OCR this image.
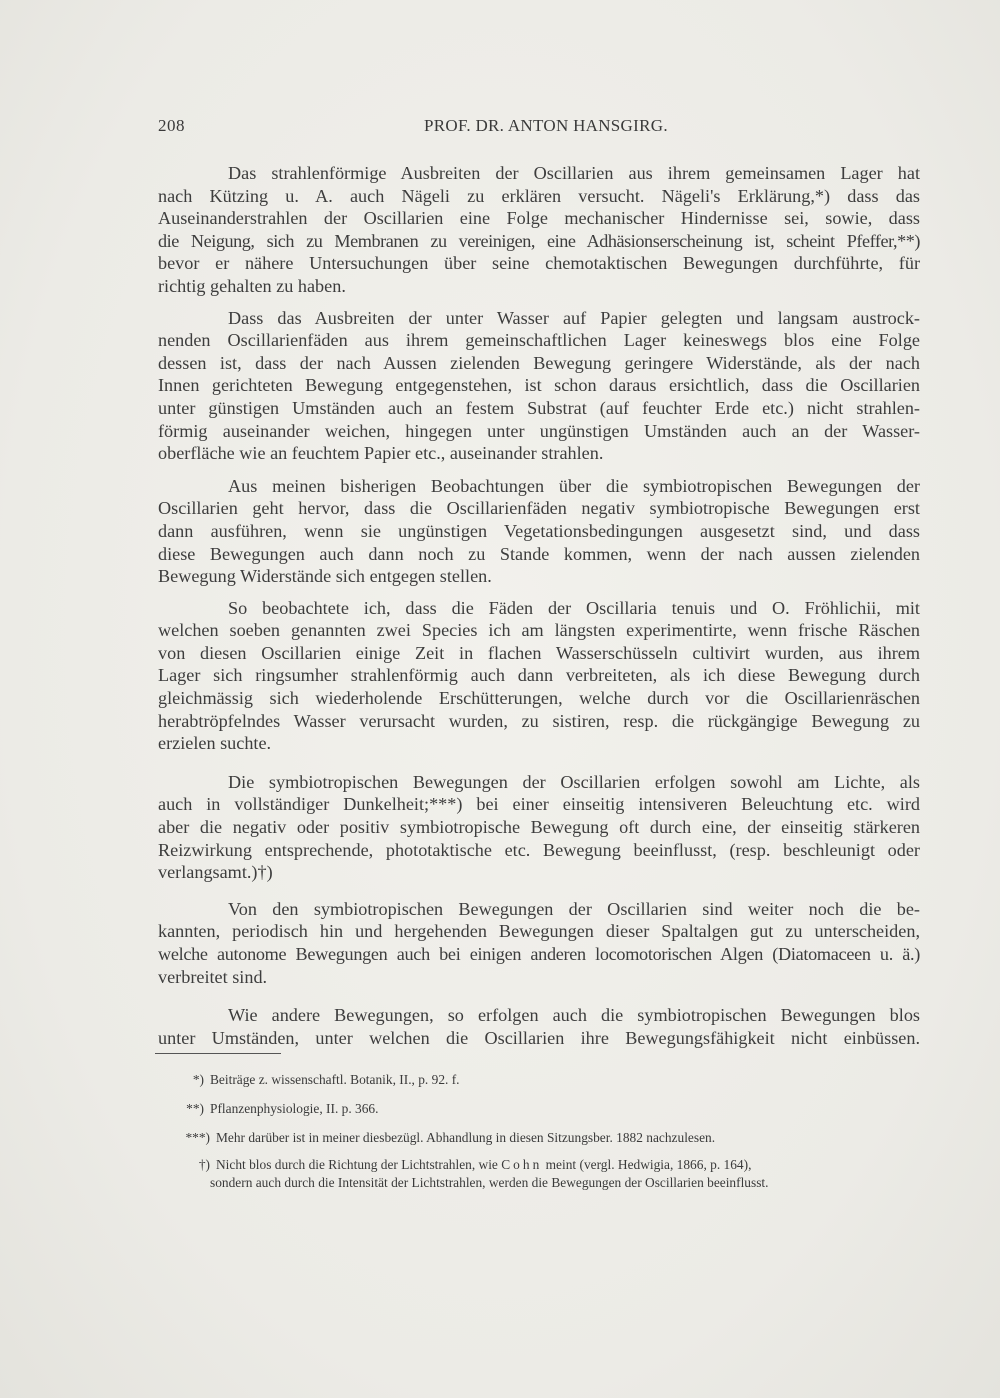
208	PROF. DR. ANTON HANSGIRG.

Das strahlenförmige Ausbreiten der Oscillarien aus ihrem gemeinsamen Lager hat
nach Kützing u. A. auch Nägeli zu erklären versucht. Nägeli's Erklärung,*) dass das
Auseinanderstrahlen der Oscillarien eine Folge mechanischer Hindernisse sei, sowie, dass
die Neigung, sich zu Membranen zu vereinigen, eine Adhäsionserscheinung ist, scheint Pfeffer,**)
bevor er nähere Untersuchungen über seine chemotaktischen Bewegungen durchführte, für
richtig gehalten zu haben.

Dass das Ausbreiten der unter Wasser auf Papier gelegten und langsam austrock-
nenden Oscillarienfäden aus ihrem gemeinschaftlichen Lager keineswegs blos eine Folge
dessen ist, dass der nach Aussen zielenden Bewegung geringere Widerstände, als der nach
Innen gerichteten Bewegung entgegenstehen, ist schon daraus ersichtlich, dass die Oscillarien
unter günstigen Umständen auch an festem Substrat (auf feuchter Erde etc.) nicht strahlen-
förmig auseinander weichen, hingegen unter ungünstigen Umständen auch an der Wasser-
oberfläche wie an feuchtem Papier etc., auseinander strahlen.

Aus meinen bisherigen Beobachtungen über die symbiotropischen Bewegungen der
Oscillarien geht hervor, dass die Oscillarienfäden negativ symbiotropische Bewegungen erst
dann ausführen, wenn sie ungünstigen Vegetationsbedingungen ausgesetzt sind, und dass
diese Bewegungen auch dann noch zu Stande kommen, wenn der nach aussen zielenden
Bewegung Widerstände sich entgegen stellen.

So beobachtete ich, dass die Fäden der Oscillaria tenuis und O. Fröhlichii, mit
welchen soeben genannten zwei Species ich am längsten experimentirte, wenn frische Räschen
von diesen Oscillarien einige Zeit in flachen Wasserschüsseln cultivirt wurden, aus ihrem
Lager sich ringsumher strahlenförmig auch dann verbreiteten, als ich diese Bewegung durch
gleichmässig sich wiederholende Erschütterungen, welche durch vor die Oscillarienräschen
herabtröpfelndes Wasser verursacht wurden, zu sistiren, resp. die rückgängige Bewegung zu
erzielen suchte.

Die symbiotropischen Bewegungen der Oscillarien erfolgen sowohl am Lichte, als
auch in vollständiger Dunkelheit;***) bei einer einseitig intensiveren Beleuchtung etc. wird
aber die negativ oder positiv symbiotropische Bewegung oft durch eine, der einseitig stärkeren
Reizwirkung entsprechende, phototaktische etc. Bewegung beeinflusst, (resp. beschleunigt oder
verlangsamt.)†)

Von den symbiotropischen Bewegungen der Oscillarien sind weiter noch die be-
kannten, periodisch hin und hergehenden Bewegungen dieser Spaltalgen gut zu unterscheiden,
welche autonome Bewegungen auch bei einigen anderen locomotorischen Algen (Diatomaceen u. ä.)
verbreitet sind.

Wie andere Bewegungen, so erfolgen auch die symbiotropischen Bewegungen blos
unter Umständen, unter welchen die Oscillarien ihre Bewegungsfähigkeit nicht einbüssen.

*) Beiträge z. wissenschaftl. Botanik, II., p. 92. f.

**) Pflanzenphysiologie, II. p. 366.

***) Mehr darüber ist in meiner diesbezügl. Abhandlung in diesen Sitzungsber. 1882 nachzulesen.

†) Nicht blos durch die Richtung der Lichtstrahlen, wie Cohn meint (vergl. Hedwigia, 1866, p. 164),
sondern auch durch die Intensität der Lichtstrahlen, werden die Bewegungen der Oscillarien beeinflusst.
